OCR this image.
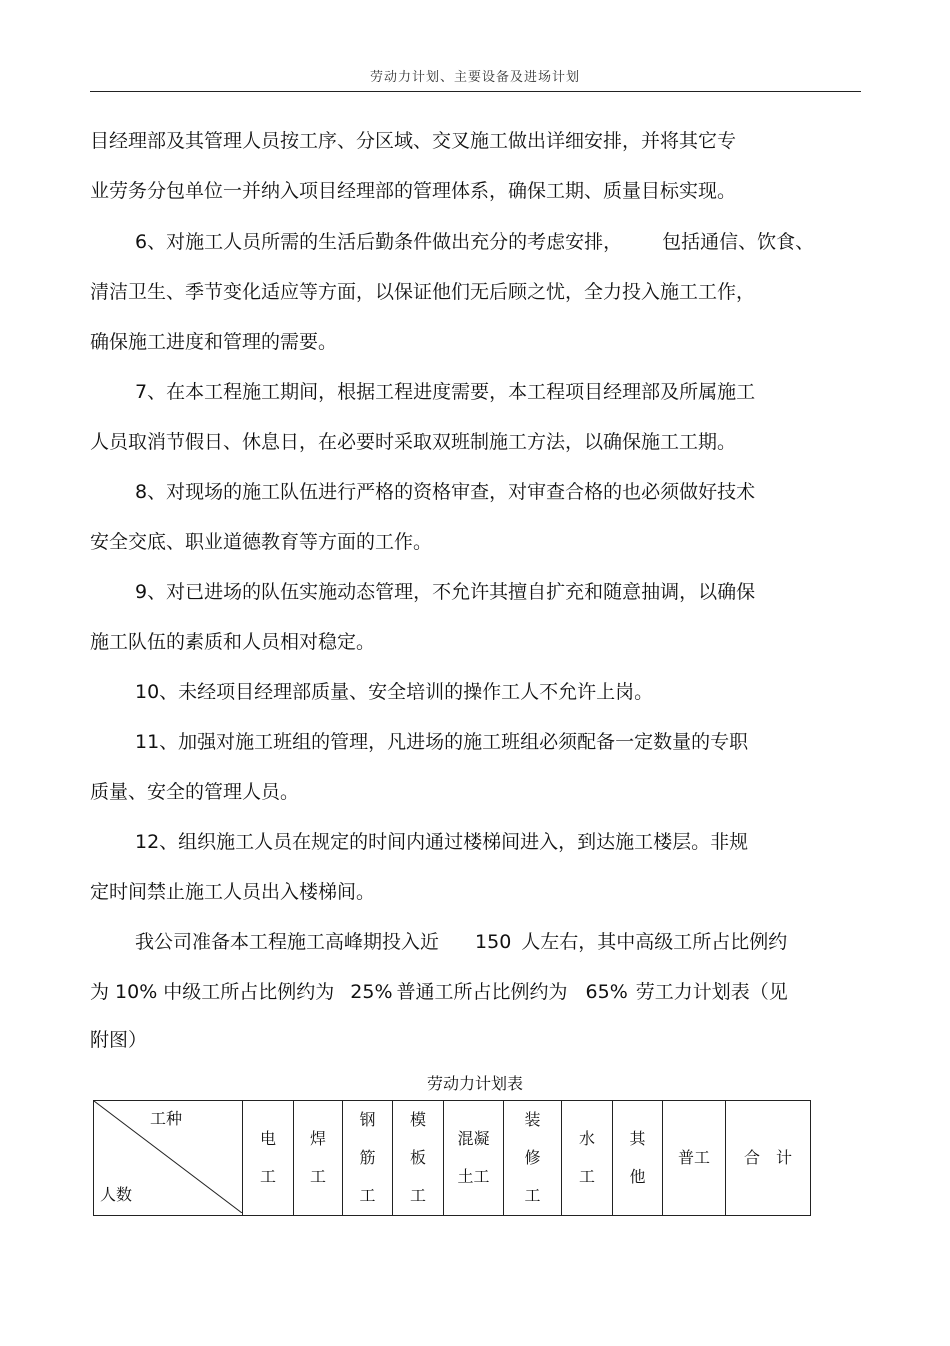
劳动力计划、主要设备及进场计划
目经理部及其管理人员按工序、分区域、交叉施工做出详细安排，并将其它专
业劳务分包单位一并纳入项目经理部的管理体系，确保工期、质量目标实现。
6、对施工人员所需的生活后勤条件做出充分的考虑安排， 包括通信、饮食、
清洁卫生、季节变化适应等方面，以保证他们无后顾之忧，全力投入施工工作，
确保施工进度和管理的需要。
7、在本工程施工期间，根据工程进度需要，本工程项目经理部及所属施工
人员取消节假日、休息日，在必要时采取双班制施工方法，以确保施工工期。
8、对现场的施工队伍进行严格的资格审查，对审查合格的也必须做好技术
安全交底、职业道德教育等方面的工作。
9、对已进场的队伍实施动态管理，不允许其擅自扩充和随意抽调，以确保
施工队伍的素质和人员相对稳定。
10、未经项目经理部质量、安全培训的操作工人不允许上岗。
11、加强对施工班组的管理，凡进场的施工班组必须配备一定数量的专职
质量、安全的管理人员。
12、组织施工人员在规定的时间内通过楼梯间进入，到达施工楼层。非规
定时间禁止施工人员出入楼梯间。
我公司准备本工程施工高峰期投入近 150 人左右，其中高级工所占比例约
为 10% 中级工所占比例约为 25% 普通工所占比例约为 65% 劳工力计划表（见
附图）
劳动力计划表
工种
人数
	电工	焊工	钢筋工	模板工	混凝土工	装修工	水工	其他	普工	合　计
